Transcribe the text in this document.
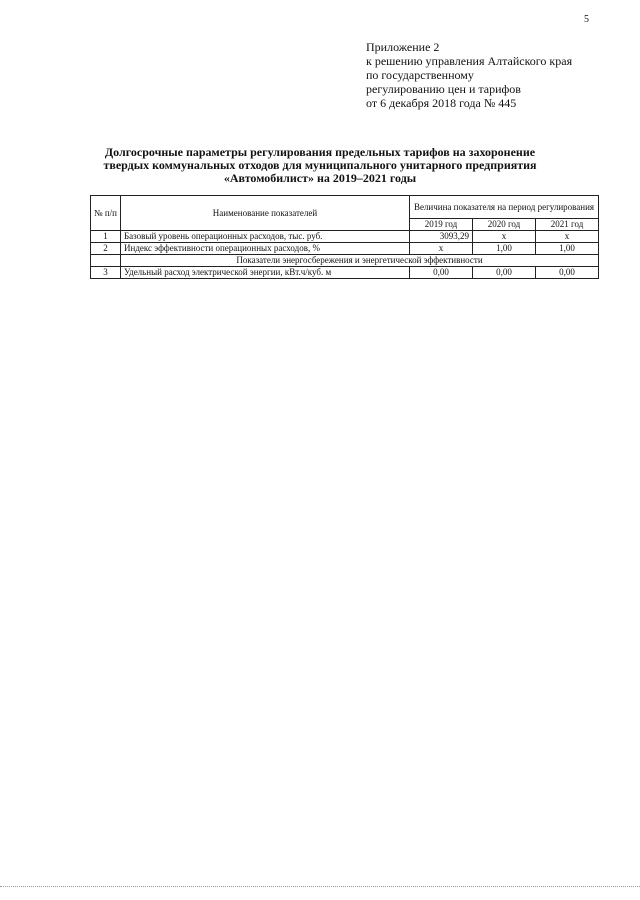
5
Приложение 2
к решению управления Алтайского края
по государственному
регулированию цен и тарифов
от 6 декабря 2018 года № 445
Долгосрочные параметры регулирования предельных тарифов на захоронение
твердых коммунальных отходов для муниципального унитарного предприятия
«Автомобилист» на 2019–2021 годы
№ п/п	Наименование показателей	Величина показателя на период регулирования		
		2019 год	2020 год	2021 год
1	Базовый уровень операционных расходов, тыс. руб.	3093,29	х	х
2	Индекс эффективности операционных расходов, %	х	1,00	1,00
	Показатели энергосбережения и энергетической эффективности			
3	Удельный расход электрической энергии, кВт.ч/куб. м	0,00	0,00	0,00
